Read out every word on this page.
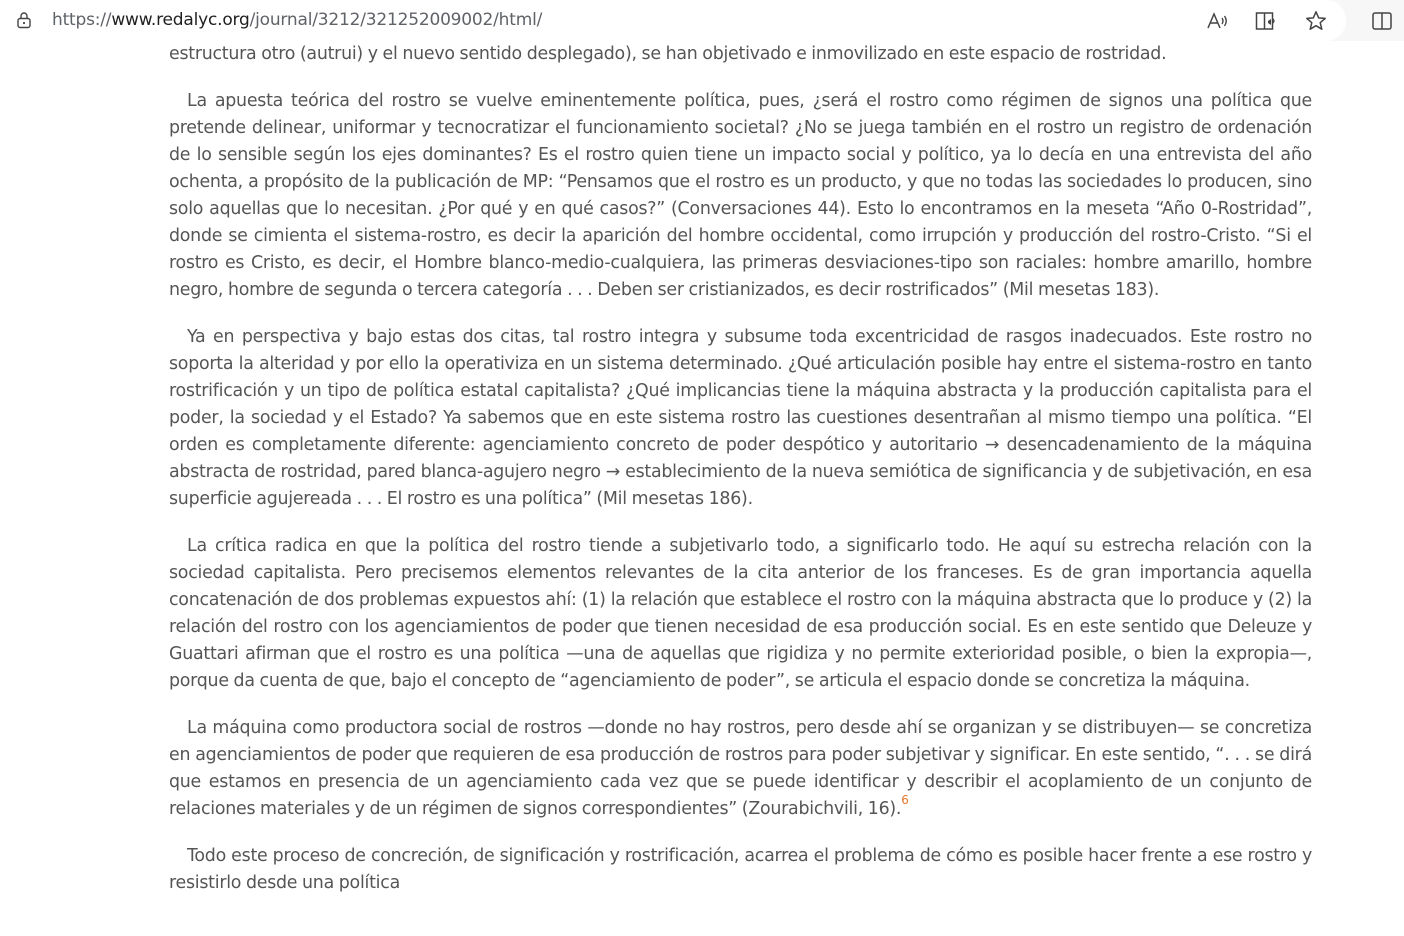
https://www.redalyc.org/journal/3212/321252009002/html/

estructura otro (autrui) y el nuevo sentido desplegado), se han objetivado e inmovilizado en este espacio de rostridad.

La apuesta teórica del rostro se vuelve eminentemente política, pues, ¿será el rostro como régimen de signos una política que pretende delinear, uniformar y tecnocratizar el funcionamiento societal? ¿No se juega también en el rostro un registro de ordenación de lo sensible según los ejes dominantes? Es el rostro quien tiene un impacto social y político, ya lo decía en una entrevista del año ochenta, a propósito de la publicación de MP: “Pensamos que el rostro es un producto, y que no todas las sociedades lo producen, sino solo aquellas que lo necesitan. ¿Por qué y en qué casos?” (Conversaciones 44). Esto lo encontramos en la meseta “Año 0-Rostridad”, donde se cimienta el sistema-rostro, es decir la aparición del hombre occidental, como irrupción y producción del rostro-Cristo. “Si el rostro es Cristo, es decir, el Hombre blanco-medio-cualquiera, las primeras desviaciones-tipo son raciales: hombre amarillo, hombre negro, hombre de segunda o tercera categoría . . . Deben ser cristianizados, es decir rostrificados” (Mil mesetas 183).

Ya en perspectiva y bajo estas dos citas, tal rostro integra y subsume toda excentricidad de rasgos inadecuados. Este rostro no soporta la alteridad y por ello la operativiza en un sistema determinado. ¿Qué articulación posible hay entre el sistema-rostro en tanto rostrificación y un tipo de política estatal capitalista? ¿Qué implicancias tiene la máquina abstracta y la producción capitalista para el poder, la sociedad y el Estado? Ya sabemos que en este sistema rostro las cuestiones desentrañan al mismo tiempo una política. “El orden es completamente diferente: agenciamiento concreto de poder despótico y autoritario → desencadenamiento de la máquina abstracta de rostridad, pared blanca-agujero negro → establecimiento de la nueva semiótica de significancia y de subjetivación, en esa superficie agujereada . . . El rostro es una política” (Mil mesetas 186).

La crítica radica en que la política del rostro tiende a subjetivarlo todo, a significarlo todo. He aquí su estrecha relación con la sociedad capitalista. Pero precisemos elementos relevantes de la cita anterior de los franceses. Es de gran importancia aquella concatenación de dos problemas expuestos ahí: (1) la relación que establece el rostro con la máquina abstracta que lo produce y (2) la relación del rostro con los agenciamientos de poder que tienen necesidad de esa producción social. Es en este sentido que Deleuze y Guattari afirman que el rostro es una política —una de aquellas que rigidiza y no permite exterioridad posible, o bien la expropia—, porque da cuenta de que, bajo el concepto de “agenciamiento de poder”, se articula el espacio donde se concretiza la máquina.

La máquina como productora social de rostros —donde no hay rostros, pero desde ahí se organizan y se distribuyen— se concretiza en agenciamientos de poder que requieren de esa producción de rostros para poder subjetivar y significar. En este sentido, “. . . se dirá que estamos en presencia de un agenciamiento cada vez que se puede identificar y describir el acoplamiento de un conjunto de relaciones materiales y de un régimen de signos correspondientes” (Zourabichvili, 16).$^6$

Todo este proceso de concreción, de significación y rostrificación, acarrea el problema de cómo es posible hacer frente a ese rostro y resistirlo desde una política
